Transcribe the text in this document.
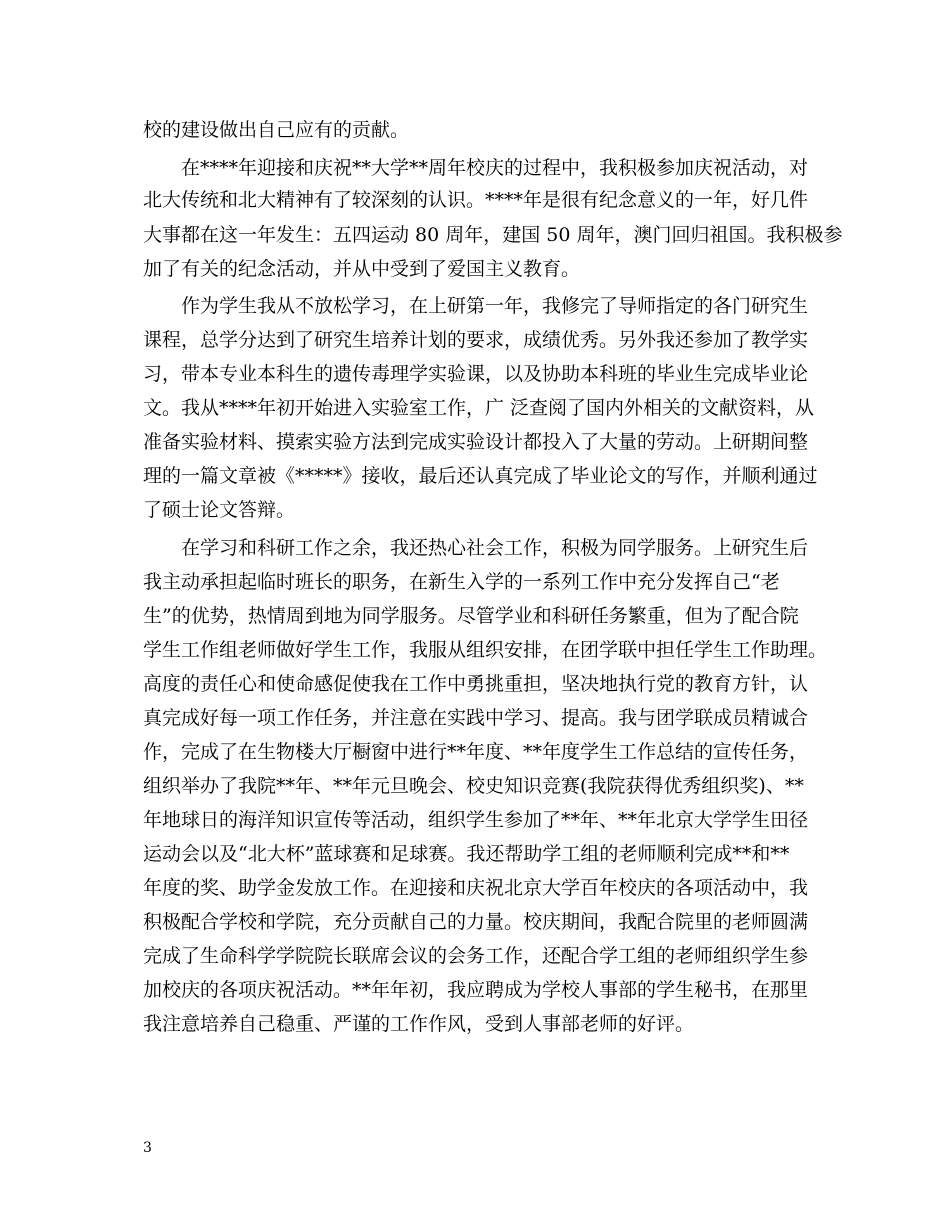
校的建设做出自己应有的贡献。
在****年迎接和庆祝**大学**周年校庆的过程中，我积极参加庆祝活动，对
北大传统和北大精神有了较深刻的认识。****年是很有纪念意义的一年，好几件
大事都在这一年发生：五四运动 80 周年，建国 50 周年，澳门回归祖国。我积极参
加了有关的纪念活动，并从中受到了爱国主义教育。
作为学生我从不放松学习，在上研第一年，我修完了导师指定的各门研究生
课程，总学分达到了研究生培养计划的要求，成绩优秀。另外我还参加了教学实
习，带本专业本科生的遗传毒理学实验课，以及协助本科班的毕业生完成毕业论
文。我从****年初开始进入实验室工作，广 泛查阅了国内外相关的文献资料，从
准备实验材料、摸索实验方法到完成实验设计都投入了大量的劳动。上研期间整
理的一篇文章被《*****》接收，最后还认真完成了毕业论文的写作，并顺利通过
了硕士论文答辩。
在学习和科研工作之余，我还热心社会工作，积极为同学服务。上研究生后
我主动承担起临时班长的职务，在新生入学的一系列工作中充分发挥自己“老
生”的优势，热情周到地为同学服务。尽管学业和科研任务繁重，但为了配合院
学生工作组老师做好学生工作，我服从组织安排，在团学联中担任学生工作助理。
高度的责任心和使命感促使我在工作中勇挑重担，坚决地执行党的教育方针，认
真完成好每一项工作任务，并注意在实践中学习、提高。我与团学联成员精诚合
作，完成了在生物楼大厅橱窗中进行**年度、**年度学生工作总结的宣传任务，
组织举办了我院**年、**年元旦晚会、校史知识竞赛(我院获得优秀组织奖)、**
年地球日的海洋知识宣传等活动，组织学生参加了**年、**年北京大学学生田径
运动会以及“北大杯”蓝球赛和足球赛。我还帮助学工组的老师顺利完成**和**
年度的奖、助学金发放工作。在迎接和庆祝北京大学百年校庆的各项活动中，我
积极配合学校和学院，充分贡献自己的力量。校庆期间，我配合院里的老师圆满
完成了生命科学学院院长联席会议的会务工作，还配合学工组的老师组织学生参
加校庆的各项庆祝活动。**年年初，我应聘成为学校人事部的学生秘书，在那里
我注意培养自己稳重、严谨的工作作风，受到人事部老师的好评。
3
